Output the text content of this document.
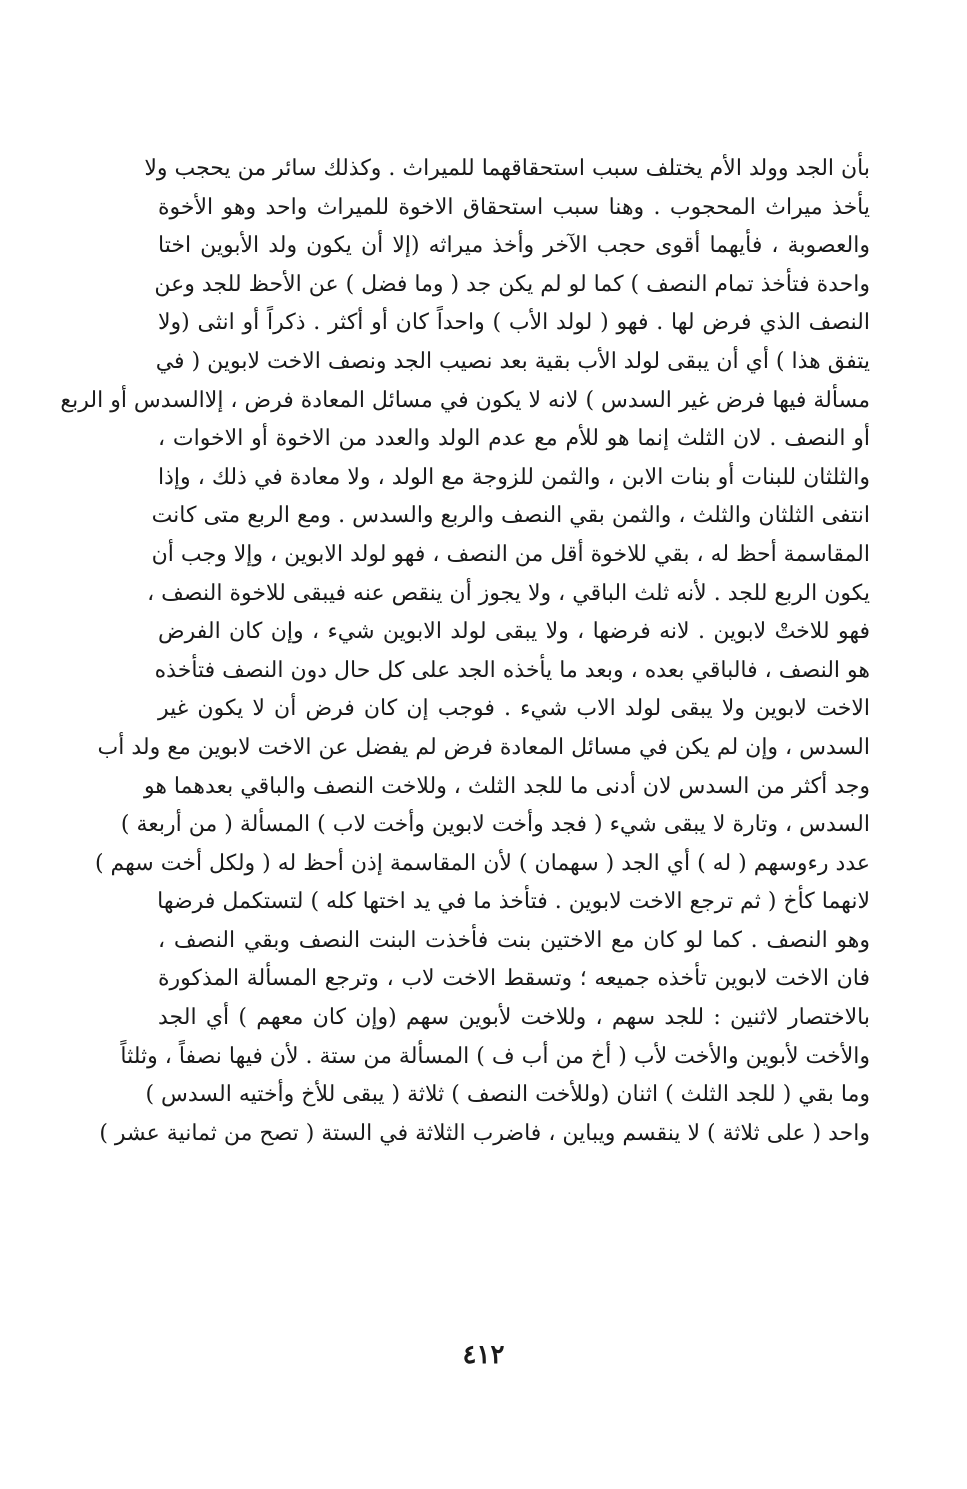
بأن الجد وولد الأم يختلف سبب استحقاقهما للميراث . وكذلك سائر من يحجب ولا
يأخذ ميراث المحجوب . وهنا سبب استحقاق الاخوة للميراث واحد وهو الأخوة
والعصوبة ، فأيهما أقوى حجب الآخر وأخذ ميراثه (إلا أن يكون ولد الأبوين اختا
واحدة فتأخذ تمام النصف ) كما لو لم يكن جد ( وما فضل ) عن الأحظ للجد وعن
النصف الذي فرض لها . فهو ( لولد الأب ) واحداً كان أو أكثر . ذكراً أو انثى (ولا
يتفق هذا ) أي أن يبقى لولد الأب بقية بعد نصيب الجد ونصف الاخت لابوين ( في
مسألة فيها فرض غير السدس ) لانه لا يكون في مسائل المعادة فرض ، إلاالسدس أو الربع
أو النصف . لان الثلث إنما هو للأم مع عدم الولد والعدد من الاخوة أو الاخوات ،
والثلثان للبنات أو بنات الابن ، والثمن للزوجة مع الولد ، ولا معادة في ذلك ، وإذا
انتفى الثلثان والثلث ، والثمن بقي النصف والربع والسدس . ومع الربع متى كانت
المقاسمة أحظ له ، بقي للاخوة أقل من النصف ، فهو لولد الابوين ، وإلا وجب أن
يكون الربع للجد . لأنه ثلث الباقي ، ولا يجوز أن ينقص عنه فيبقى للاخوة النصف ،
فهو للاختْ لابوين . لانه فرضها ، ولا يبقى لولد الابوين شيء ، وإن كان الفرض
هو النصف ، فالباقي بعده ، وبعد ما يأخذه الجد على كل حال دون النصف فتأخذه
الاخت لابوين ولا يبقى لولد الاب شيء . فوجب إن كان فرض أن لا يكون غير
السدس ، وإن لم يكن في مسائل المعادة فرض لم يفضل عن الاخت لابوين مع ولد أب
وجد أكثر من السدس لان أدنى ما للجد الثلث ، وللاخت النصف والباقي بعدهما هو
السدس ، وتارة لا يبقى شيء ( فجد وأخت لابوين وأخت لاب ) المسألة ( من أربعة )
عدد رءوسهم ( له ) أي الجد ( سهمان ) لأن المقاسمة إذن أحظ له ( ولكل أخت سهم )
لانهما كأخ ( ثم ترجع الاخت لابوين . فتأخذ ما في يد اختها كله ) لتستكمل فرضها
وهو النصف . كما لو كان مع الاختين بنت فأخذت البنت النصف وبقي النصف ،
فان الاخت لابوين تأخذه جميعه ؛ وتسقط الاخت لاب ، وترجع المسألة المذكورة
بالاختصار لاثنين : للجد سهم ، وللاخت لأبوين سهم (وإن كان معهم ) أي الجد
والأخت لأبوين والأخت لأب ( أخ من أب ف ) المسألة من ستة . لأن فيها نصفاً ، وثلثاً
وما بقي ( للجد الثلث ) اثنان (وللأخت النصف ) ثلاثة ( يبقى للأخ وأختيه السدس )
واحد ( على ثلاثة ) لا ينقسم ويباين ، فاضرب الثلاثة في الستة ( تصح من ثمانية عشر )
٤١٢
